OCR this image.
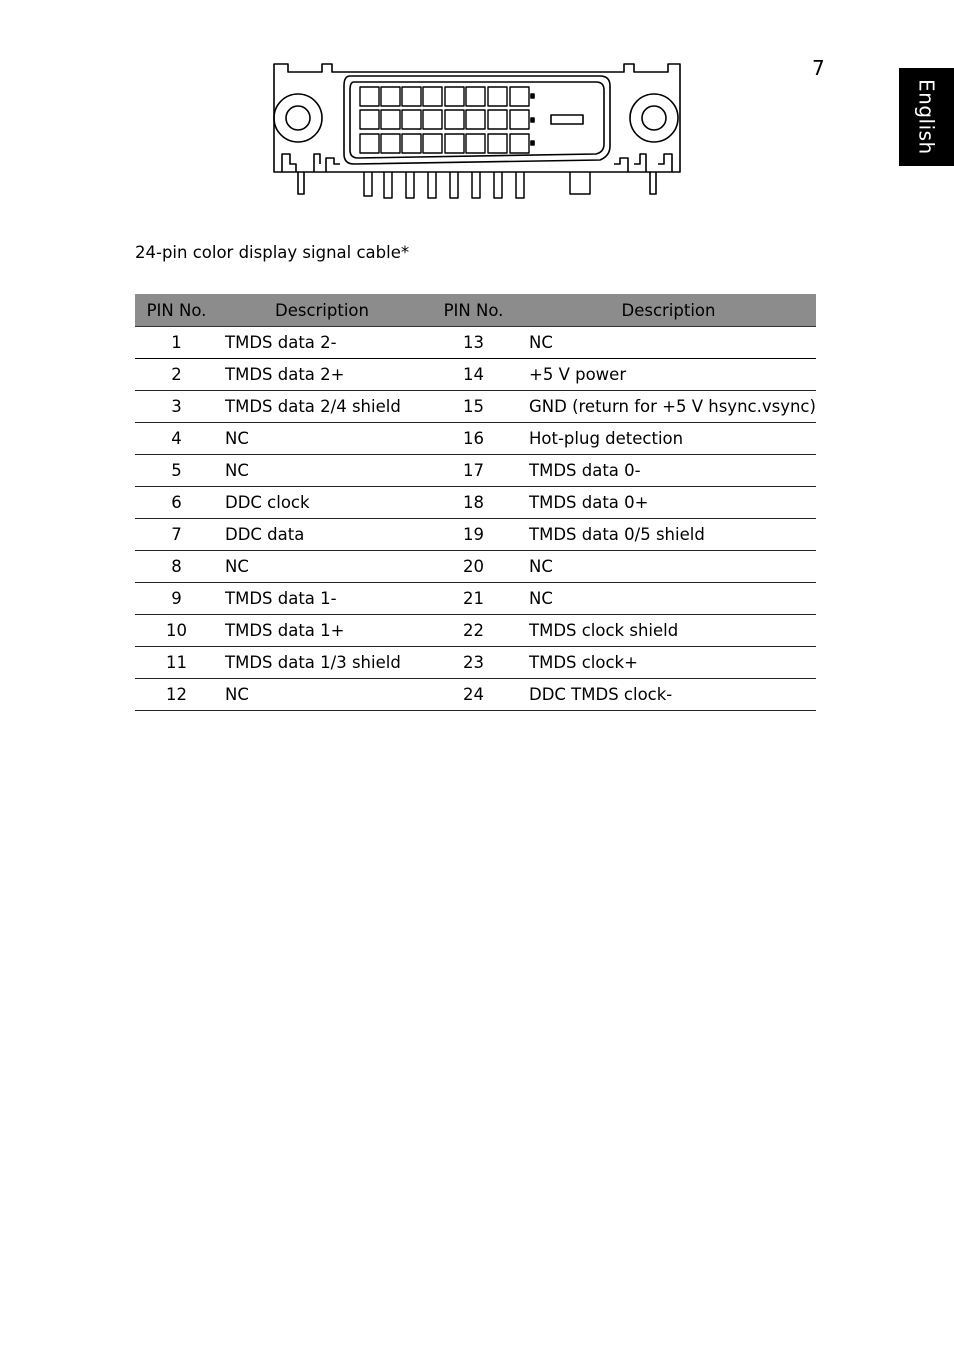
7
English
24-pin color display signal cable*
PIN No.	Description	PIN No.	Description
1	TMDS data 2-	13	NC
2	TMDS data 2+	14	+5 V power
3	TMDS data 2/4 shield	15	GND (return for +5 V hsync.vsync)
4	NC	16	Hot-plug detection
5	NC	17	TMDS data 0-
6	DDC clock	18	TMDS data 0+
7	DDC data	19	TMDS data 0/5 shield
8	NC	20	NC
9	TMDS data 1-	21	NC
10	TMDS data 1+	22	TMDS clock shield
11	TMDS data 1/3 shield	23	TMDS clock+
12	NC	24	DDC TMDS clock-
